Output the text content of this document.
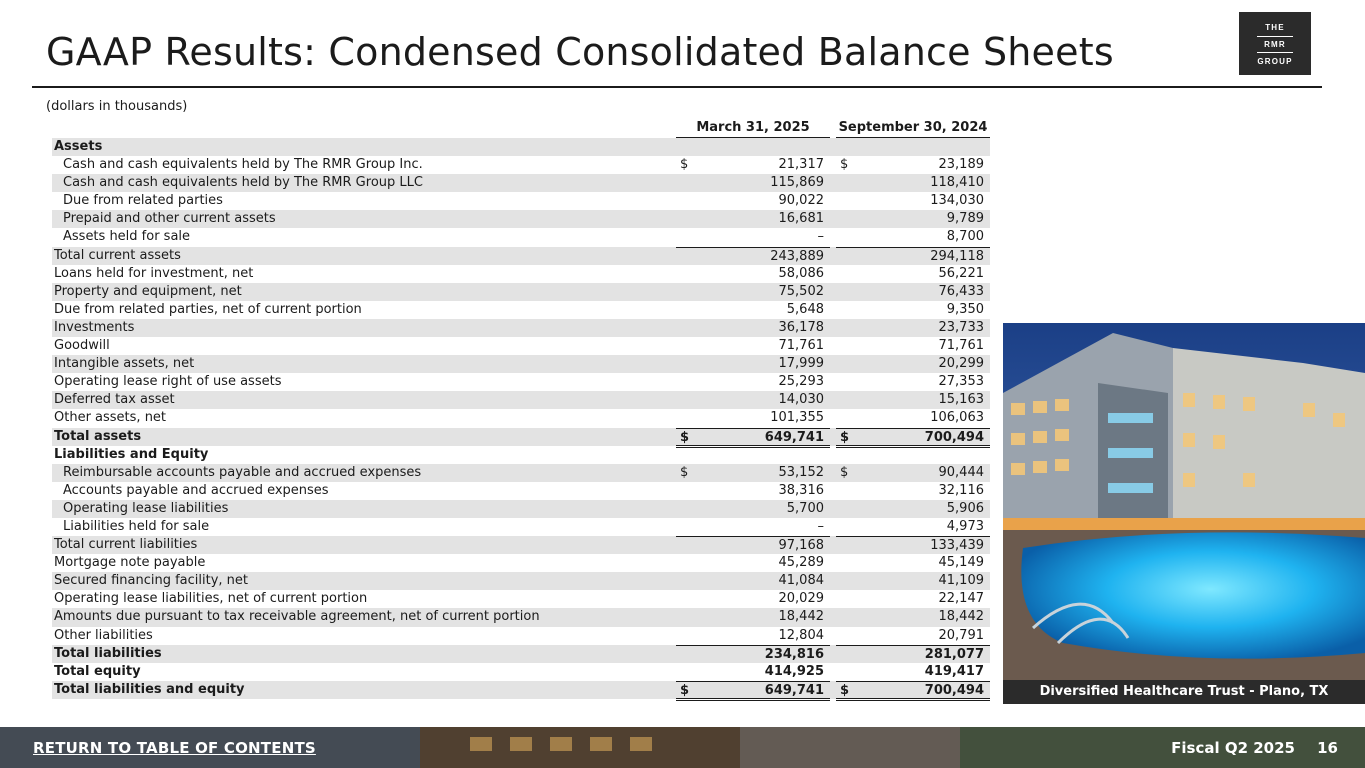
GAAP Results: Condensed Consolidated Balance Sheets
THE
RMR
GROUP
(dollars in thousands)
March 31, 2025	September 30, 2024
Assets
Cash and cash equivalents held by The RMR Group Inc.	$	21,317 $	23,189
Cash and cash equivalents held by The RMR Group LLC	115,869	118,410
Due from related parties	90,022	134,030
Prepaid and other current assets	16,681	9,789
Assets held for sale	–	8,700
Total current assets	243,889	294,118
Loans held for investment, net	58,086	56,221
Property and equipment, net	75,502	76,433
Due from related parties, net of current portion	5,648	9,350
Investments	36,178	23,733
Goodwill	71,761	71,761
Intangible assets, net	17,999	20,299
Operating lease right of use assets	25,293	27,353
Deferred tax asset	14,030	15,163
Other assets, net	101,355	106,063
Total assets	$	649,741 $	700,494
Liabilities and Equity
Reimbursable accounts payable and accrued expenses	$	53,152 $	90,444
Accounts payable and accrued expenses	38,316	32,116
Operating lease liabilities	5,700	5,906
Liabilities held for sale	–	4,973
Total current liabilities	97,168	133,439
Mortgage note payable	45,289	45,149
Secured financing facility, net	41,084	41,109
Operating lease liabilities, net of current portion	20,029	22,147
Amounts due pursuant to tax receivable agreement, net of current portion	18,442	18,442
Other liabilities	12,804	20,791
Total liabilities	234,816	281,077
Total equity	414,925	419,417
Total liabilities and equity	$	649,741 $	700,494	Diversified Healthcare Trust - Plano, TX
RETURN TO TABLE OF CONTENTS	Fiscal Q2 2025 16
